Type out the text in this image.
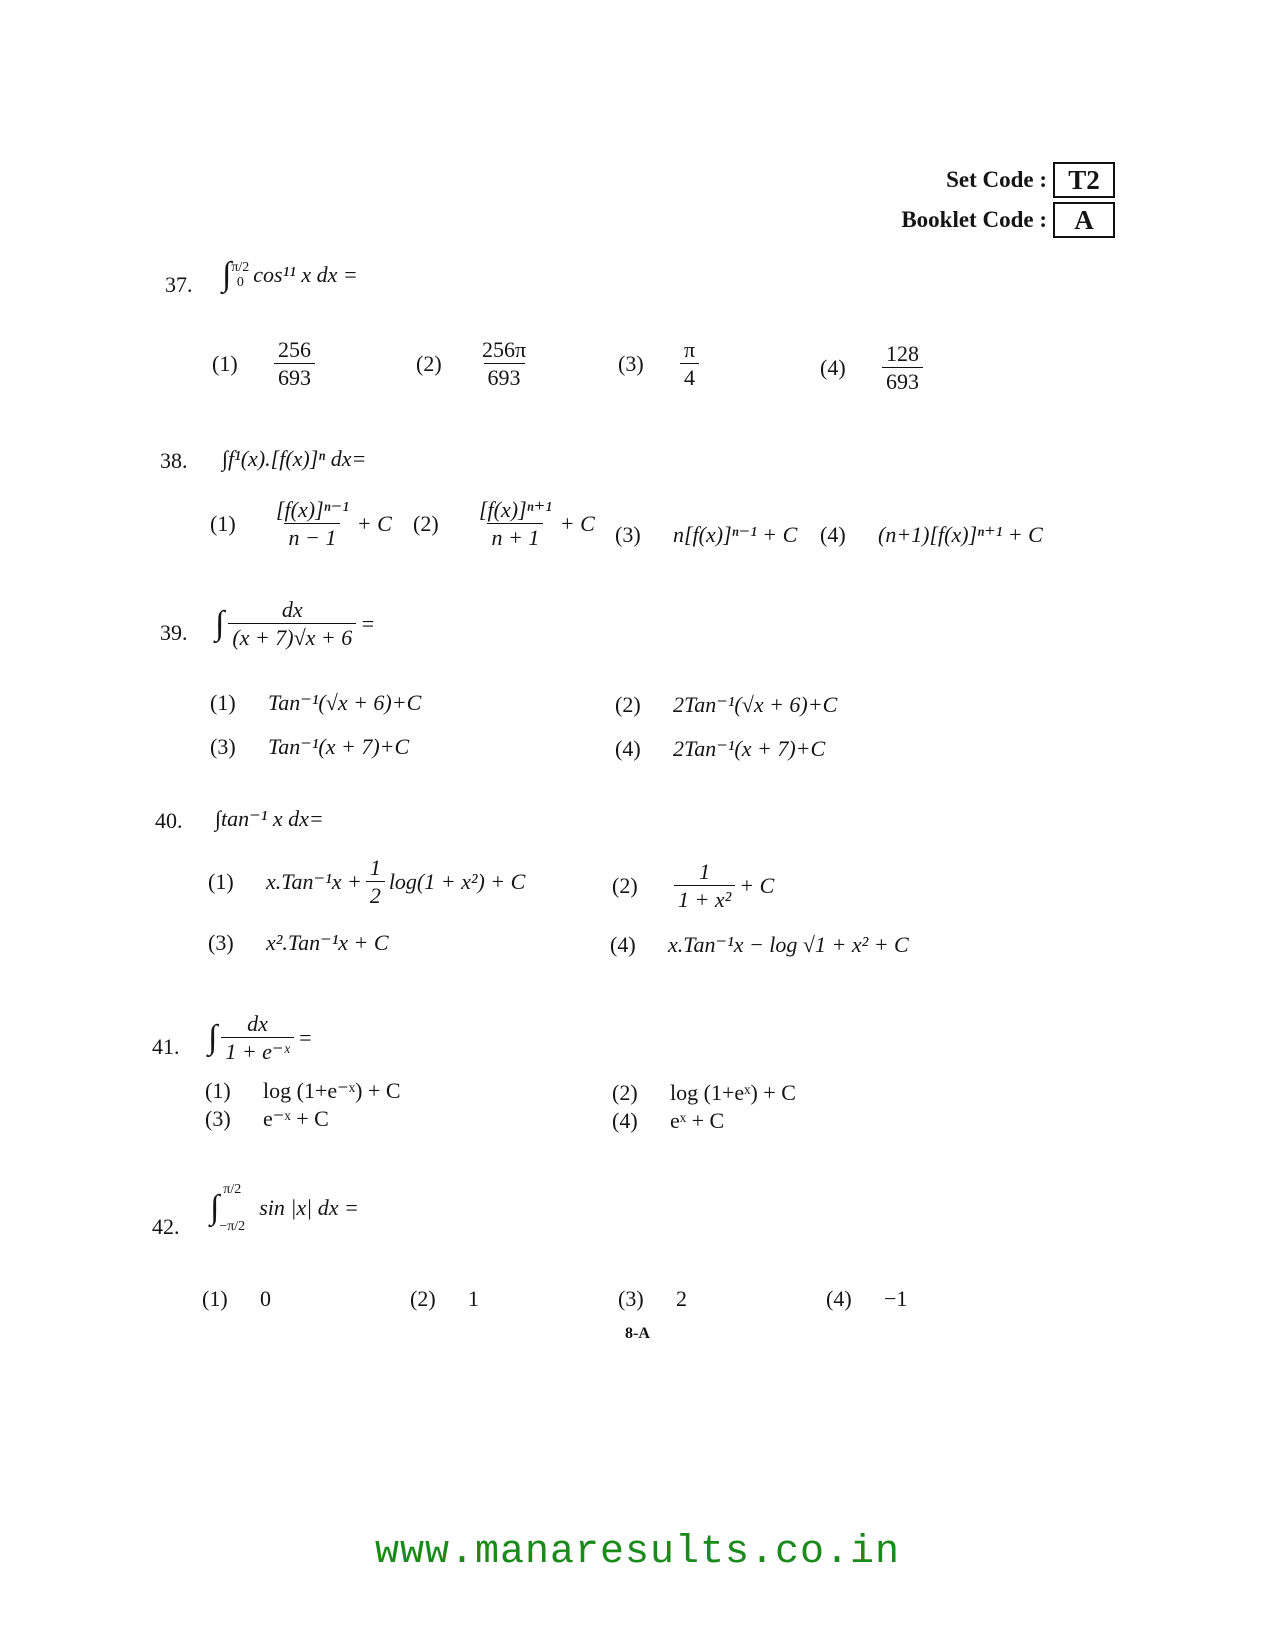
Set Code : T2
Booklet Code :	A
37. ∫ π/2
0 cos¹¹ x dx =
(1)	$\frac{256}{693}$	(2)	$\frac{256\pi}{693}$	(3)	$\frac{\pi}{4}$	(4)	$\frac{128}{693}$
38. ∫f¹(x).[f(x)]ⁿ dx=
(1)	$\frac{\text{[f(x)]ⁿ⁻¹}}{n - 1} + C$ (2)	$\frac{\text{[f(x)]ⁿ⁺¹}}{n + 1} + C$ (3)	n[f(x)]ⁿ⁻¹ + C (4)	(n+1)[f(x)]ⁿ⁺¹ + C
39. ∫ $\frac{dx}{(x + 7)√x + 6}$ =
(1)	Tan⁻¹(√x + 6)+C	(2)	2Tan⁻¹(√x + 6)+C
(3)	Tan⁻¹(x + 7)+C	(4)	2Tan⁻¹(x + 7)+C
40. ∫tan⁻¹ x dx=
(1)	$x.Tan^{-1}x + \frac{1}{2} \log(1 + x^2) + C$	(2)	$\frac{1}{\text{1 + x²}} + C$
(3)	x².Tan⁻¹x + C	(4)	x.Tan⁻¹x − log √1 + x² + C
41. ∫ $\frac{dx}{\text{1 + e⁻ˣ}}$ =
(1)	log (1+e⁻ˣ) + C	(2)	log (1+eˣ) + C
(3)	e⁻ˣ + C	(4)	eˣ + C
42.
∫ π/2
−π/2
sin |x| dx =
(1)	0	(2)	1	(3)	2	(4)	−1
8-A
www.manaresults.co.in
